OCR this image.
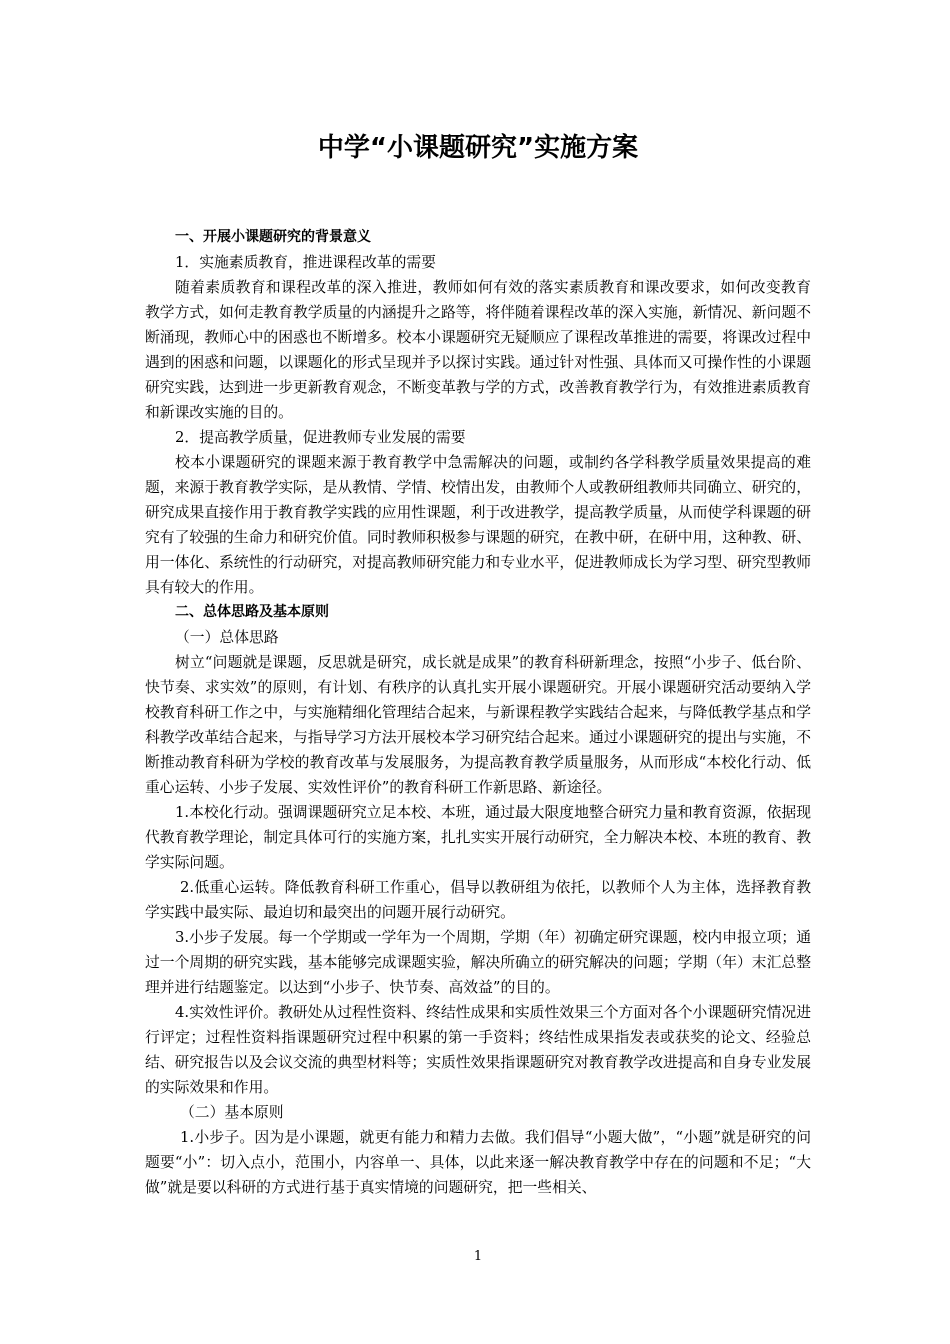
中学“小课题研究”实施方案

一、开展小课题研究的背景意义

1．实施素质教育，推进课程改革的需要

随着素质教育和课程改革的深入推进，教师如何有效的落实素质教育和课改要求，如何改变教育教学方式，如何走教育教学质量的内涵提升之路等，将伴随着课程改革的深入实施，新情况、新问题不断涌现，教师心中的困惑也不断增多。校本小课题研究无疑顺应了课程改革推进的需要，将课改过程中遇到的困惑和问题，以课题化的形式呈现并予以探讨实践。通过针对性强、具体而又可操作性的小课题研究实践，达到进一步更新教育观念，不断变革教与学的方式，改善教育教学行为，有效推进素质教育和新课改实施的目的。

2．提高教学质量，促进教师专业发展的需要

校本小课题研究的课题来源于教育教学中急需解决的问题，或制约各学科教学质量效果提高的难题，来源于教育教学实际，是从教情、学情、校情出发，由教师个人或教研组教师共同确立、研究的，研究成果直接作用于教育教学实践的应用性课题，利于改进教学，提高教学质量，从而使学科课题的研究有了较强的生命力和研究价值。同时教师积极参与课题的研究，在教中研，在研中用，这种教、研、用一体化、系统性的行动研究，对提高教师研究能力和专业水平，促进教师成长为学习型、研究型教师具有较大的作用。

二、总体思路及基本原则

（一）总体思路

树立“问题就是课题，反思就是研究，成长就是成果”的教育科研新理念，按照“小步子、低台阶、快节奏、求实效”的原则，有计划、有秩序的认真扎实开展小课题研究。开展小课题研究活动要纳入学校教育科研工作之中，与实施精细化管理结合起来，与新课程教学实践结合起来，与降低教学基点和学科教学改革结合起来，与指导学习方法开展校本学习研究结合起来。通过小课题研究的提出与实施，不断推动教育科研为学校的教育改革与发展服务，为提高教育教学质量服务，从而形成“本校化行动、低重心运转、小步子发展、实效性评价”的教育科研工作新思路、新途径。

1.本校化行动。强调课题研究立足本校、本班，通过最大限度地整合研究力量和教育资源，依据现代教育教学理论，制定具体可行的实施方案，扎扎实实开展行动研究，全力解决本校、本班的教育、教学实际问题。

2.低重心运转。降低教育科研工作重心，倡导以教研组为依托，以教师个人为主体，选择教育教学实践中最实际、最迫切和最突出的问题开展行动研究。

3.小步子发展。每一个学期或一学年为一个周期，学期（年）初确定研究课题，校内申报立项；通过一个周期的研究实践，基本能够完成课题实验，解决所确立的研究解决的问题；学期（年）末汇总整理并进行结题鉴定。以达到“小步子、快节奏、高效益”的目的。

4.实效性评价。教研处从过程性资料、终结性成果和实质性效果三个方面对各个小课题研究情况进行评定；过程性资料指课题研究过程中积累的第一手资料；终结性成果指发表或获奖的论文、经验总结、研究报告以及会议交流的典型材料等；实质性效果指课题研究对教育教学改进提高和自身专业发展的实际效果和作用。

（二）基本原则

1.小步子。因为是小课题，就更有能力和精力去做。我们倡导“小题大做”，“小题”就是研究的问题要“小”：切入点小，范围小，内容单一、具体，以此来逐一解决教育教学中存在的问题和不足；“大做”就是要以科研的方式进行基于真实情境的问题研究，把一些相关、

1
